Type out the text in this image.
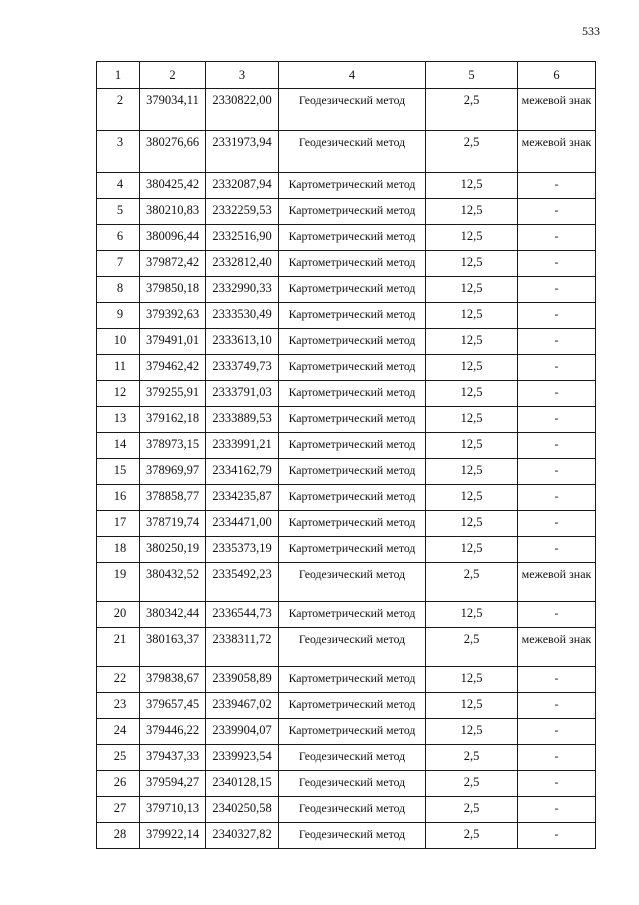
533
1	2	3	4	5	6
2	379034,11	2330822,00	Геодезический метод	2,5	межевой знак
3	380276,66	2331973,94	Геодезический метод	2,5	межевой знак
4	380425,42	2332087,94	Картометрический метод	12,5	-
5	380210,83	2332259,53	Картометрический метод	12,5	-
6	380096,44	2332516,90	Картометрический метод	12,5	-
7	379872,42	2332812,40	Картометрический метод	12,5	-
8	379850,18	2332990,33	Картометрический метод	12,5	-
9	379392,63	2333530,49	Картометрический метод	12,5	-
10	379491,01	2333613,10	Картометрический метод	12,5	-
11	379462,42	2333749,73	Картометрический метод	12,5	-
12	379255,91	2333791,03	Картометрический метод	12,5	-
13	379162,18	2333889,53	Картометрический метод	12,5	-
14	378973,15	2333991,21	Картометрический метод	12,5	-
15	378969,97	2334162,79	Картометрический метод	12,5	-
16	378858,77	2334235,87	Картометрический метод	12,5	-
17	378719,74	2334471,00	Картометрический метод	12,5	-
18	380250,19	2335373,19	Картометрический метод	12,5	-
19	380432,52	2335492,23	Геодезический метод	2,5	межевой знак
20	380342,44	2336544,73	Картометрический метод	12,5	-
21	380163,37	2338311,72	Геодезический метод	2,5	межевой знак
22	379838,67	2339058,89	Картометрический метод	12,5	-
23	379657,45	2339467,02	Картометрический метод	12,5	-
24	379446,22	2339904,07	Картометрический метод	12,5	-
25	379437,33	2339923,54	Геодезический метод	2,5	-
26	379594,27	2340128,15	Геодезический метод	2,5	-
27	379710,13	2340250,58	Геодезический метод	2,5	-
28	379922,14	2340327,82	Геодезический метод	2,5	-
